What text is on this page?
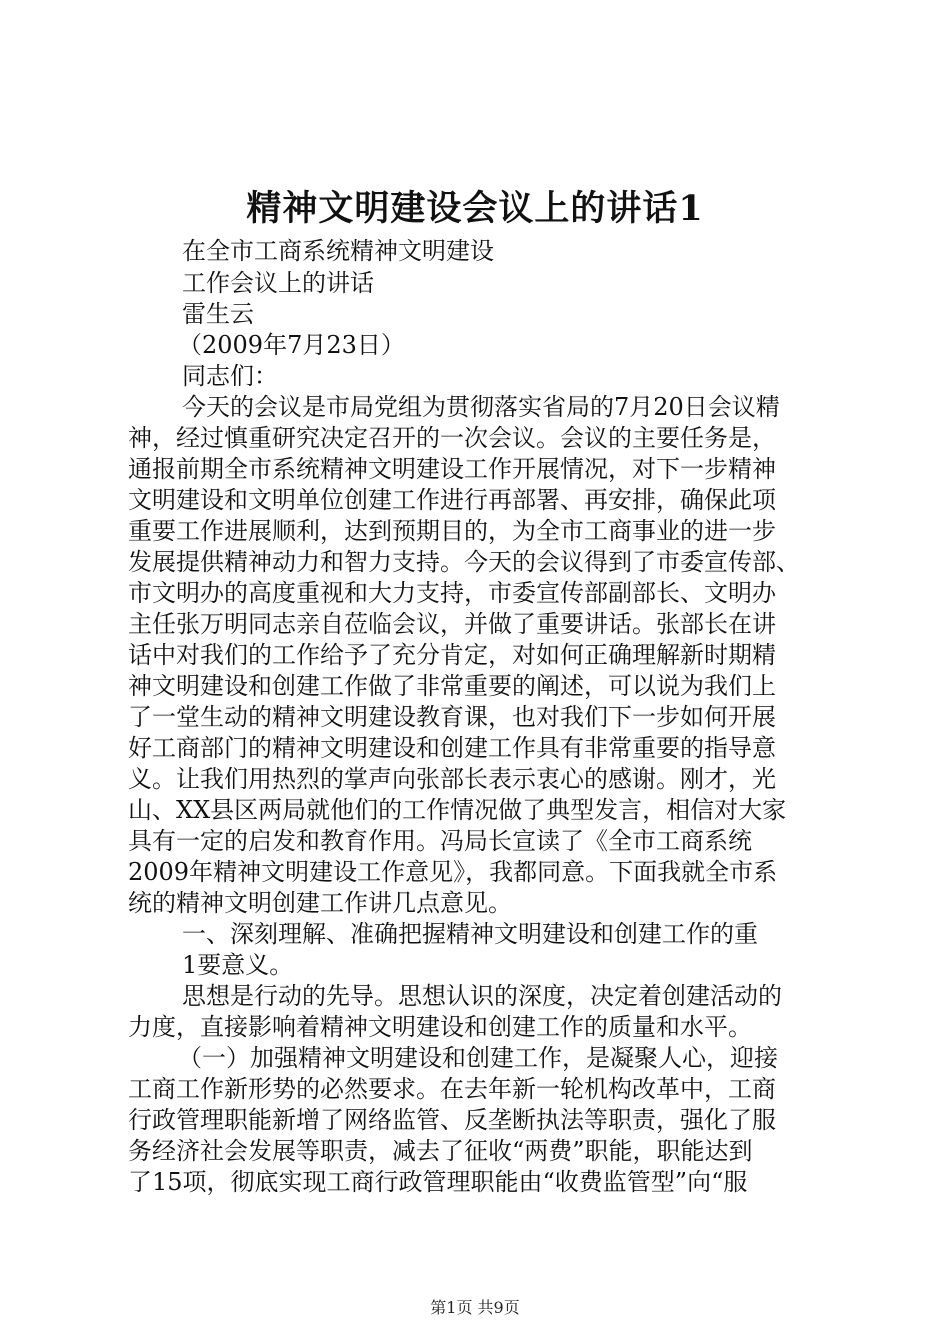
精神文明建设会议上的讲话1
在全市工商系统精神文明建设
工作会议上的讲话
雷生云
（2009年7月23日）
同志们：
今天的会议是市局党组为贯彻落实省局的7月20日会议精
神，经过慎重研究决定召开的一次会议。会议的主要任务是，
通报前期全市系统精神文明建设工作开展情况，对下一步精神
文明建设和文明单位创建工作进行再部署、再安排，确保此项
重要工作进展顺利，达到预期目的，为全市工商事业的进一步
发展提供精神动力和智力支持。今天的会议得到了市委宣传部、
市文明办的高度重视和大力支持，市委宣传部副部长、文明办
主任张万明同志亲自莅临会议，并做了重要讲话。张部长在讲
话中对我们的工作给予了充分肯定，对如何正确理解新时期精
神文明建设和创建工作做了非常重要的阐述，可以说为我们上
了一堂生动的精神文明建设教育课，也对我们下一步如何开展
好工商部门的精神文明建设和创建工作具有非常重要的指导意
义。让我们用热烈的掌声向张部长表示衷心的感谢。刚才，光
山、XX县区两局就他们的工作情况做了典型发言，相信对大家
具有一定的启发和教育作用。冯局长宣读了《全市工商系统
2009年精神文明建设工作意见》，我都同意。下面我就全市系
统的精神文明创建工作讲几点意见。
一、深刻理解、准确把握精神文明建设和创建工作的重
1要意义。
思想是行动的先导。思想认识的深度，决定着创建活动的
力度，直接影响着精神文明建设和创建工作的质量和水平。
（一）加强精神文明建设和创建工作，是凝聚人心，迎接
工商工作新形势的必然要求。在去年新一轮机构改革中，工商
行政管理职能新增了网络监管、反垄断执法等职责，强化了服
务经济社会发展等职责，减去了征收“两费”职能，职能达到
了15项，彻底实现工商行政管理职能由“收费监管型”向“服
第1页 共9页
